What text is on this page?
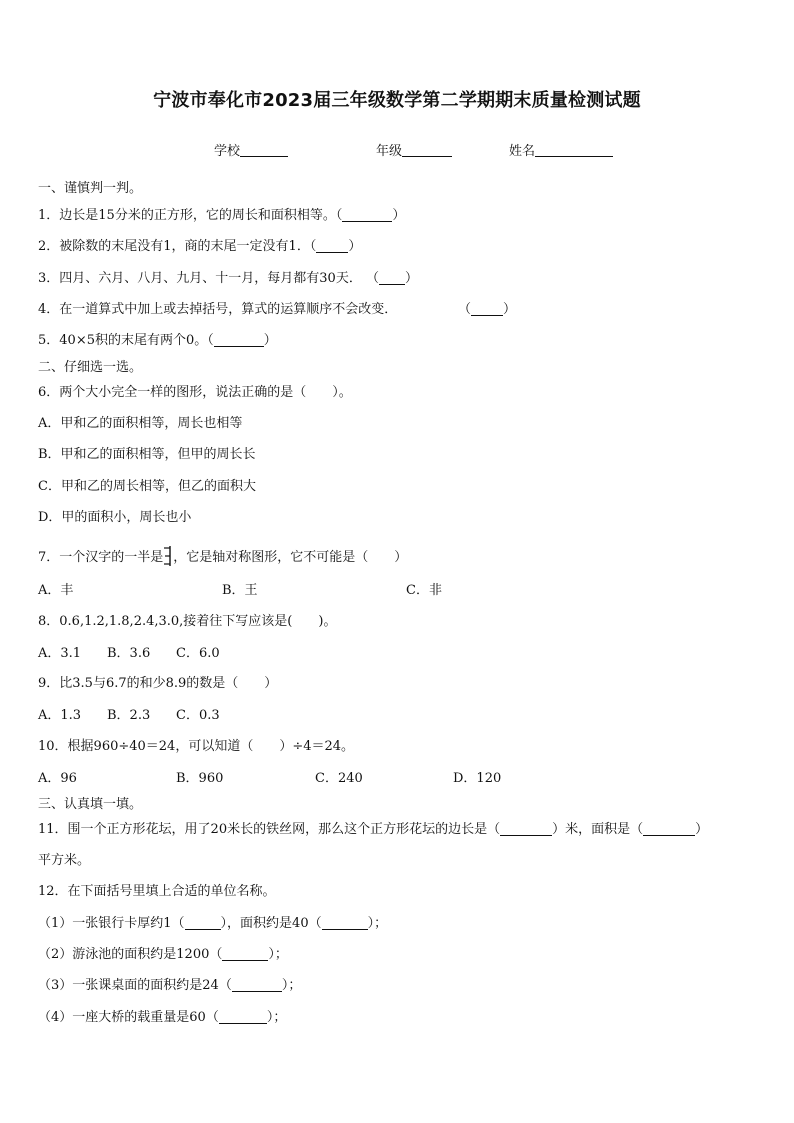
宁波市奉化市2023届三年级数学第二学期期末质量检测试题
学校	年级	姓名
一、谨慎判一判。
1．边长是15分米的正方形，它的周长和面积相等。（	）
2．被除数的末尾没有1，商的末尾一定没有1．（ ）
3．四月、六月、八月、九月、十一月，每月都有30天． （ ）
4．在一道算式中加上或去掉括号，算式的运算顺序不会改变．	（ ）
5．40×5积的末尾有两个0。（	）
二、仔细选一选。
6．两个大小完全一样的图形，说法正确的是（　　）。
A．甲和乙的面积相等，周长也相等
B．甲和乙的面积相等，但甲的周长长
C．甲和乙的周长相等，但乙的面积大
D．甲的面积小，周长也小
7．一个汉字的一半是 ，它是轴对称图形，它不可能是（　　）
A．丰	B．王	C．非
8．0.6,1.2,1.8,2.4,3.0,接着往下写应该是(　　)。
A．3.1 B．3.6 C．6.0
9．比3.5与6.7的和少8.9的数是（　　）
A．1.3 B．2.3 C．0.3
10．根据960÷40＝24，可以知道（　　）÷4＝24。
A．96	B．960	C．240	D．120
三、认真填一填。
11．围一个正方形花坛，用了20米长的铁丝网，那么这个正方形花坛的边长是（	）米，面积是（	）
平方米。
12．在下面括号里填上合适的单位名称。
（1）一张银行卡厚约1（	），面积约是40（	）；
（2）游泳池的面积约是1200（	）；
（3）一张课桌面的面积约是24（	）；
（4）一座大桥的载重量是60（	）；
